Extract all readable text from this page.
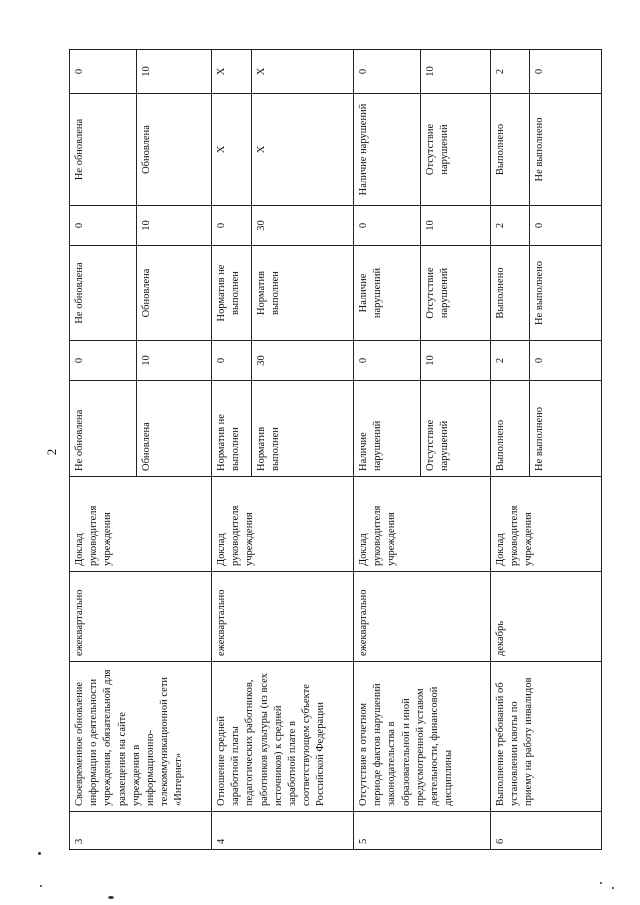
2
3	Своевременное обновление информации о деятельности учреждения, обязательной для размещения на сайте учреждения в информационно-телекоммуникационной сети «Интернет»	ежеквартально	Доклад руководителя учреждения	Не обновлена	0	Не обновлена	0	Не обновлена	0
				Обновлена	10	Обновлена	10	Обновлена	10
4	Отношение средней заработной платы педагогических работников, работников культуры (из всех источников) к средней заработной плате в соответствующем субъекте Российской Федерации	ежеквартально	Доклад руководителя учреждения	Норматив не выполнен	0	Норматив не выполнен	0	Х	Х
				Норматив выполнен	30	Норматив выполнен	30	Х	Х
5	Отсутствие в отчетном периоде фактов нарушений законодательства в образовательной и иной предусмотренной уставом деятельности, финансовой дисциплины	ежеквартально	Доклад руководителя учреждения	Наличие нарушений	0	Наличие нарушений	0	Наличие нарушений	0
				Отсутствие нарушений	10	Отсутствие нарушений	10	Отсутствие нарушений	10
6	Выполнение требований об установлении квоты по приему на работу инвалидов	декабрь	Доклад руководителя учреждения	Выполнено	2	Выполнено	2	Выполнено	2
				Не выполнено	0	Не выполнено	0	Не выполнено	0
